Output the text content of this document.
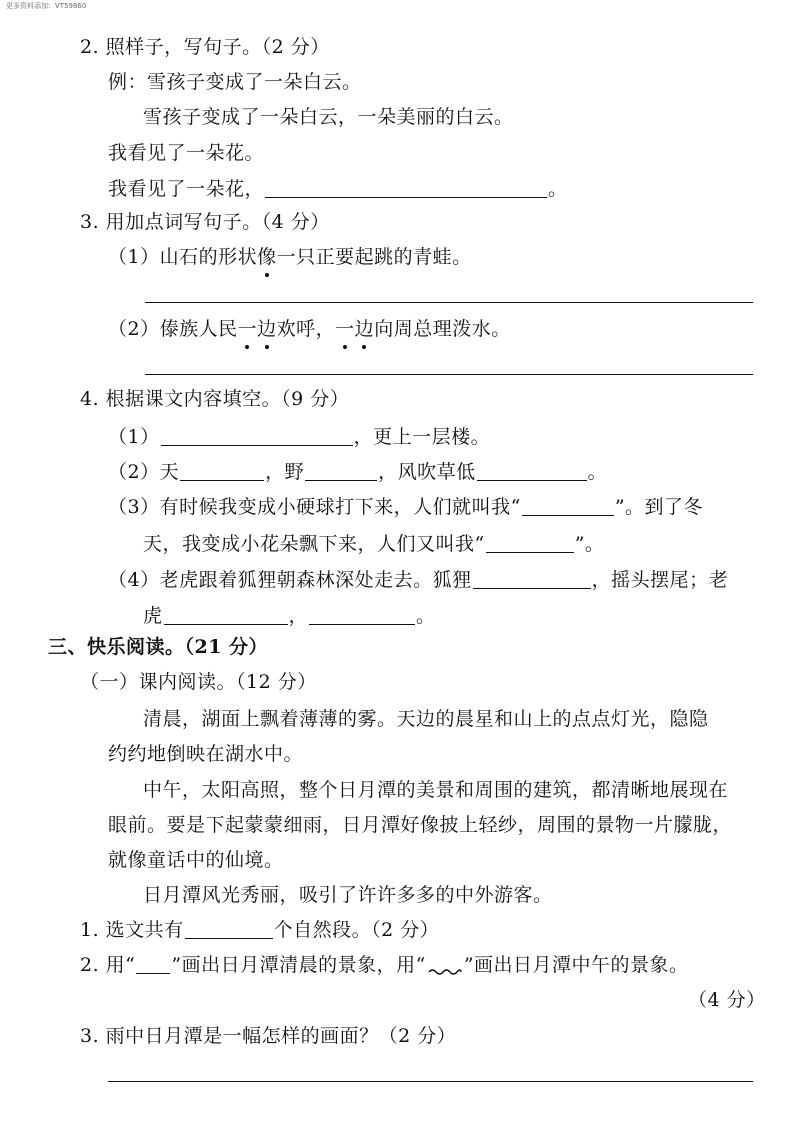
更多资料添加：VT59860
2. 照样子，写句子。（2 分）
例：雪孩子变成了一朵白云。
雪孩子变成了一朵白云，一朵美丽的白云。
我看见了一朵花。
我看见了一朵花，	。
3. 用加点词写句子。（4 分）
（1）山石的形状像一只正要起跳的青蛙。
（2）傣族人民一边欢呼，一边向周总理泼水。
4. 根据课文内容填空。（9 分）
（1）	，更上一层楼。
（2）天	，野	，风吹草低	。
（3）有时候我变成小硬球打下来，人们就叫我“	”。到了冬
天，我变成小花朵飘下来，人们又叫我“	”。
（4）老虎跟着狐狸朝森林深处走去。狐狸	，摇头摆尾；老
虎	，	。
三、快乐阅读。（21 分）
（一）课内阅读。（12 分）
清晨，湖面上飘着薄薄的雾。天边的晨星和山上的点点灯光，隐隐
约约地倒映在湖水中。
中午，太阳高照，整个日月潭的美景和周围的建筑，都清晰地展现在
眼前。要是下起蒙蒙细雨，日月潭好像披上轻纱，周围的景物一片朦胧，
就像童话中的仙境。
日月潭风光秀丽，吸引了许许多多的中外游客。
1. 选文共有	个自然段。（2 分）
2. 用“ ”画出日月潭清晨的景象，用“ ”画出日月潭中午的景象。
（4 分）
3. 雨中日月潭是一幅怎样的画面？（2 分）
